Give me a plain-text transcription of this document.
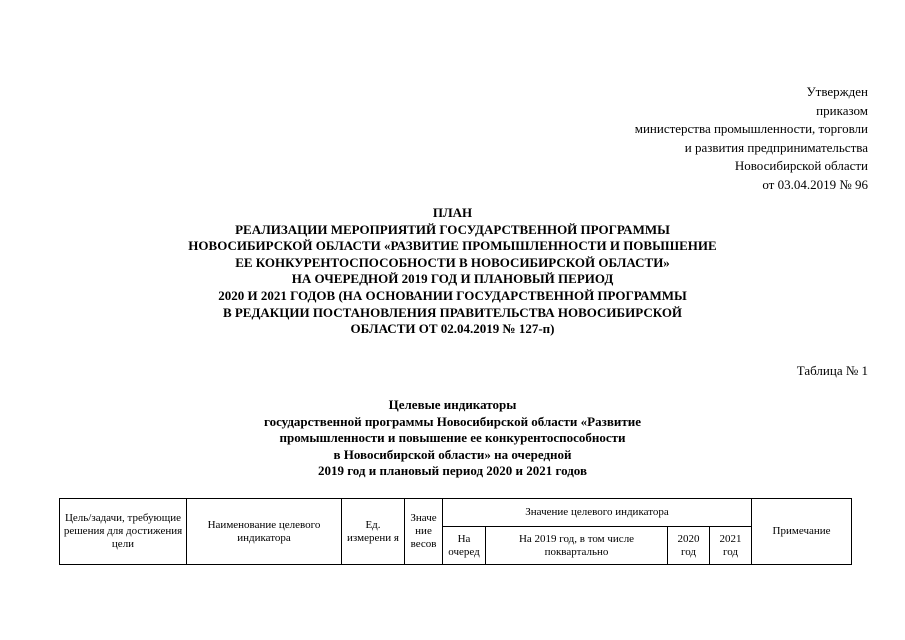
Утвержден
приказом
министерства промышленности, торговли
и развития предпринимательства
Новосибирской области
от 03.04.2019 № 96
ПЛАН
РЕАЛИЗАЦИИ МЕРОПРИЯТИЙ ГОСУДАРСТВЕННОЙ ПРОГРАММЫ
НОВОСИБИРСКОЙ ОБЛАСТИ «РАЗВИТИЕ ПРОМЫШЛЕННОСТИ И ПОВЫШЕНИЕ
ЕЕ КОНКУРЕНТОСПОСОБНОСТИ В НОВОСИБИРСКОЙ ОБЛАСТИ»
НА ОЧЕРЕДНОЙ 2019 ГОД И ПЛАНОВЫЙ ПЕРИОД
2020 И 2021 ГОДОВ (НА ОСНОВАНИИ ГОСУДАРСТВЕННОЙ ПРОГРАММЫ
В РЕДАКЦИИ ПОСТАНОВЛЕНИЯ ПРАВИТЕЛЬСТВА НОВОСИБИРСКОЙ
ОБЛАСТИ ОТ 02.04.2019 № 127-п)
Таблица № 1
Целевые индикаторы
государственной программы Новосибирской области «Развитие
промышленности и повышение ее конкурентоспособности
в Новосибирской области» на очередной
2019 год и плановый период 2020 и 2021 годов
Цель/задачи, требующие решения для достижения цели	Наименование целевого индикатора	Ед. измерени я	Значе ние весов	Значение целевого индикатора				Примечание
				На очеред	На 2019 год, в том числе поквартально	2020 год	2021 год	
